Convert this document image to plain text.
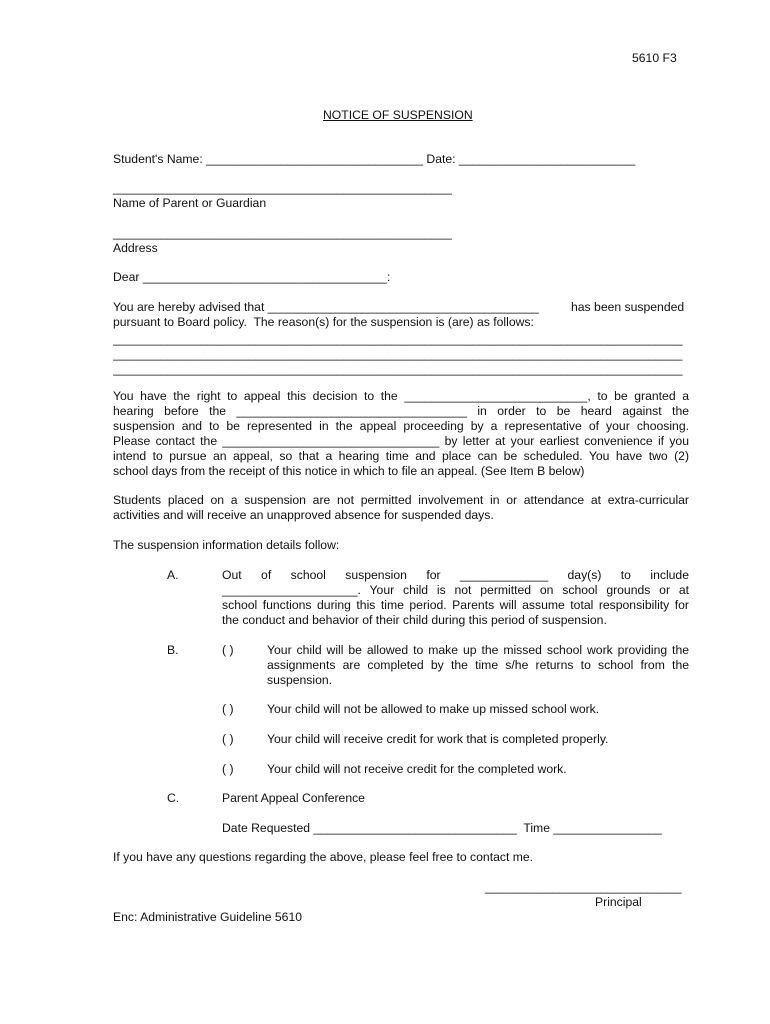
5610 F3
NOTICE OF SUSPENSION
Student's Name: ________________________________ Date: __________________________
__________________________________________________
Name of Parent or Guardian
__________________________________________________
Address
Dear ____________________________________:
You are hereby advised that ________________________________________	has been suspended
pursuant to Board policy.  The reason(s) for the suspension is (are) as follows:
____________________________________________________________________________________
____________________________________________________________________________________
____________________________________________________________________________________
You have the right to appeal this decision to the ___________________________, to be granted a
hearing before the __________________________________ in order to be heard against the
suspension and to be represented in the appeal proceeding by a representative of your choosing.
Please contact the ________________________________ by letter at your earliest convenience if you
intend to pursue an appeal, so that a hearing time and place can be scheduled. You have two (2)
school days from the receipt of this notice in which to file an appeal. (See Item B below)
Students placed on a suspension are not permitted involvement in or attendance at extra-curricular
activities and will receive an unapproved absence for suspended days.
The suspension information details follow:
A.	Out of school suspension for _____________ day(s) to include
____________________. Your child is not permitted on school grounds or at
school functions during this time period. Parents will assume total responsibility for
the conduct and behavior of their child during this period of suspension.
B.	( )	Your child will be allowed to make up the missed school work providing the
assignments are completed by the time s/he returns to school from the
suspension.
( )	Your child will not be allowed to make up missed school work.
( )	Your child will receive credit for work that is completed properly.
( )	Your child will not receive credit for the completed work.
C.	Parent Appeal Conference
Date Requested ______________________________  Time ________________
If you have any questions regarding the above, please feel free to contact me.
_____________________________
Principal
Enc: Administrative Guideline 5610
